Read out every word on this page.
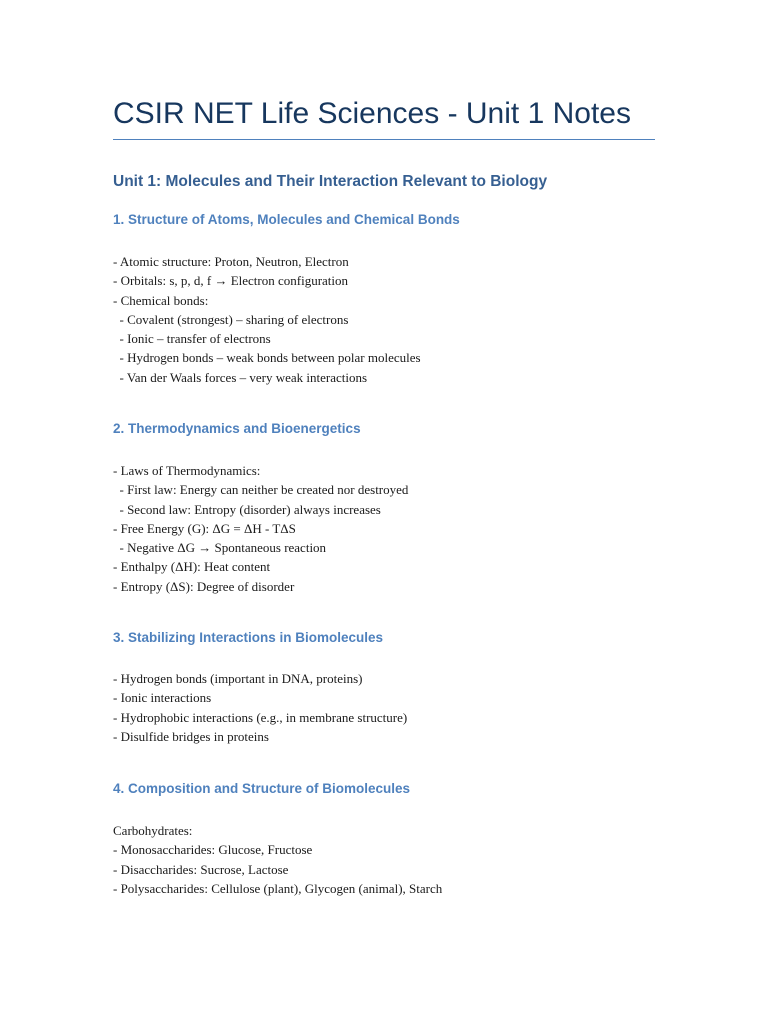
CSIR NET Life Sciences - Unit 1 Notes
Unit 1: Molecules and Their Interaction Relevant to Biology
1. Structure of Atoms, Molecules and Chemical Bonds
- Atomic structure: Proton, Neutron, Electron
- Orbitals: s, p, d, f → Electron configuration
- Chemical bonds:
- Covalent (strongest) – sharing of electrons
- Ionic – transfer of electrons
- Hydrogen bonds – weak bonds between polar molecules
- Van der Waals forces – very weak interactions
2. Thermodynamics and Bioenergetics
- Laws of Thermodynamics:
- First law: Energy can neither be created nor destroyed
- Second law: Entropy (disorder) always increases
- Free Energy (G): ΔG = ΔH - TΔS
- Negative ΔG → Spontaneous reaction
- Enthalpy (ΔH): Heat content
- Entropy (ΔS): Degree of disorder
3. Stabilizing Interactions in Biomolecules
- Hydrogen bonds (important in DNA, proteins)
- Ionic interactions
- Hydrophobic interactions (e.g., in membrane structure)
- Disulfide bridges in proteins
4. Composition and Structure of Biomolecules
Carbohydrates:
- Monosaccharides: Glucose, Fructose
- Disaccharides: Sucrose, Lactose
- Polysaccharides: Cellulose (plant), Glycogen (animal), Starch
